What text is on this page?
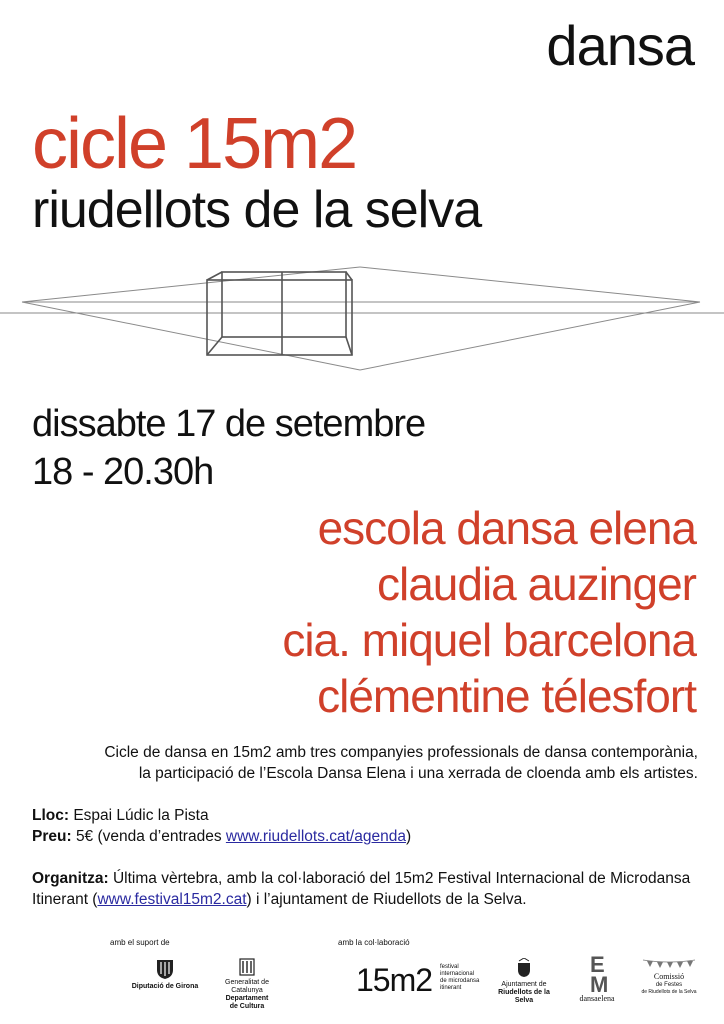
dansa
cicle 15m2
riudellots de la selva
dissabte 17 de setembre
18 - 20.30h
escola dansa elena
claudia auzinger
cia. miquel barcelona
clémentine télesfort
Cicle de dansa en 15m2 amb tres companyies professionals de dansa contemporània,
la participació de l’Escola Dansa Elena i una xerrada de cloenda amb els artistes.
Lloc: Espai Lúdic la Pista
Preu: 5€ (venda d’entrades www.riudellots.cat/agenda)
Organitza: Última vèrtebra, amb la col·laboració del 15m2 Festival Internacional de Microdansa Itinerant (www.festival15m2.cat) i l’ajuntament de Riudellots de la Selva.
amb el suport de	amb la col·laboració
Diputació de Girona
Generalitat de Catalunya
Departament
de Cultura
15m2 festival
internacional
de microdansa
itinerant	Ajuntament de
Riudellots de la Selva
EM
dansaelena
Comissió
de Festes
de Riudellots de la Selva
